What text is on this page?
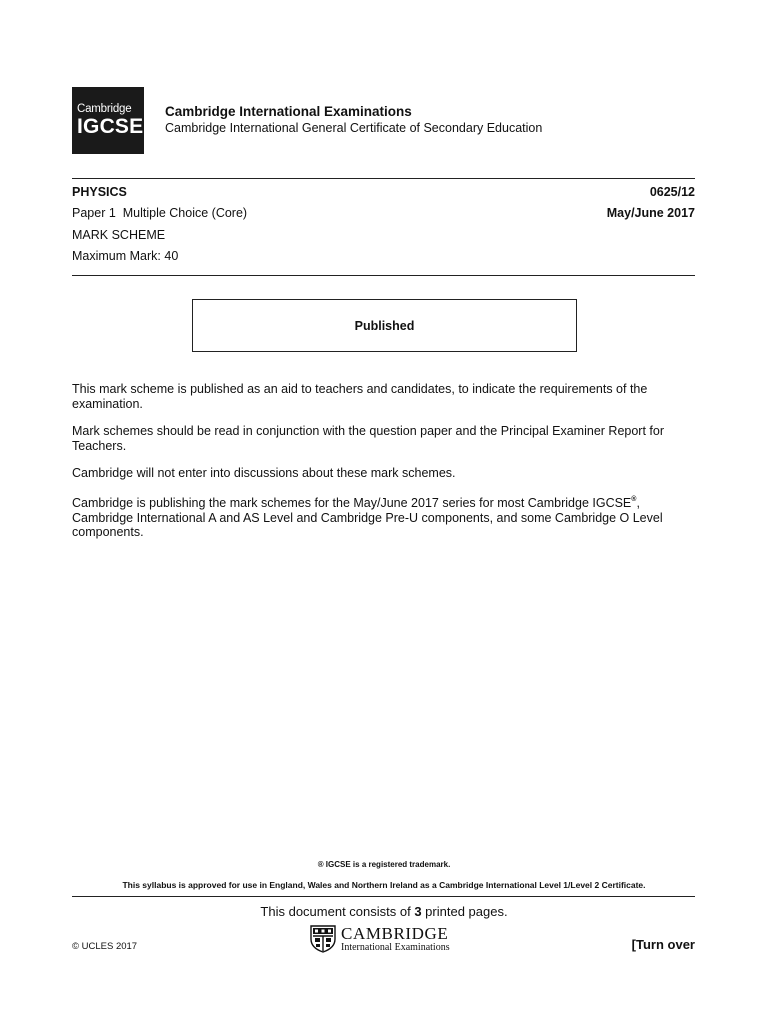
Cambridge
IGCSE
Cambridge International Examinations
Cambridge International General Certificate of Secondary Education
PHYSICS	0625/12
Paper 1  Multiple Choice (Core)	May/June 2017
MARK SCHEME
Maximum Mark: 40
Published
This mark scheme is published as an aid to teachers and candidates, to indicate the requirements of the examination.
Mark schemes should be read in conjunction with the question paper and the Principal Examiner Report for Teachers.
Cambridge will not enter into discussions about these mark schemes.
Cambridge is publishing the mark schemes for the May/June 2017 series for most Cambridge IGCSE®, Cambridge International A and AS Level and Cambridge Pre-U components, and some Cambridge O Level components.
® IGCSE is a registered trademark.
This syllabus is approved for use in England, Wales and Northern Ireland as a Cambridge International Level 1/Level 2 Certificate.
This document consists of 3 printed pages.
© UCLES 2017
CAMBRIDGE
International Examinations	[Turn over
